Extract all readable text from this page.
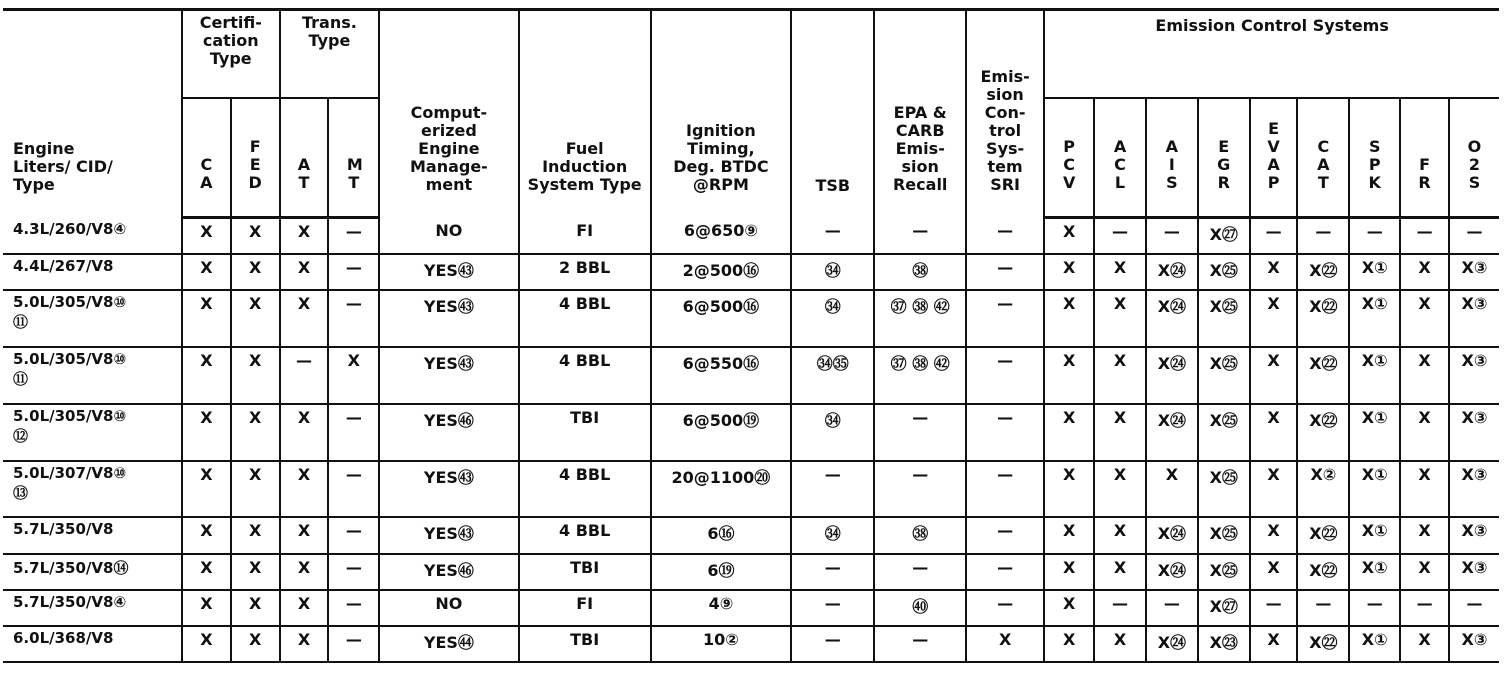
Engine Liters/ CID/ Type	Certifi- cation Type		Trans. Type		Comput- erized Engine Manage- ment	Fuel Induction System Type	Ignition Timing, Deg. BTDC @RPM	TSB	EPA & CARB Emis- sion Recall	Emis- sion Con- trol Sys- tem SRI	Emission Control Systems								

	C A	F E D	A T	M T							P C V	A C L	A I S	E G R	E V A P	C A T	S P K	F R	O 2 S

4.3L/260/V8④	X	X	X	—	NO	FI	6@650⑨	—	—	—	X	—	—	X㉗	—	—	—	—	—

4.4L/267/V8	X	X	X	—	YES㊸	2 BBL	2@500⑯	㉞	㊳	—	X	X	X㉔	X㉕	X	X㉒	X①	X	X③

5.0L/305/V8⑩
⑪	X	X	X	—	YES㊸	4 BBL	6@500⑯	㉞	㊲ ㊳ ㊷	—	X	X	X㉔	X㉕	X	X㉒	X①	X	X③

5.0L/305/V8⑩
⑪	X	X	—	X	YES㊸	4 BBL	6@550⑯	㉞㉟	㊲ ㊳ ㊷	—	X	X	X㉔	X㉕	X	X㉒	X①	X	X③

5.0L/305/V8⑩
⑫	X	X	X	—	YES㊻	TBI	6@500⑲	㉞	—	—	X	X	X㉔	X㉕	X	X㉒	X①	X	X③

5.0L/307/V8⑩
⑬	X	X	X	—	YES㊸	4 BBL	20@1100⑳	—	—	—	X	X	X	X㉕	X	X②	X①	X	X③

5.7L/350/V8	X	X	X	—	YES㊸	4 BBL	6⑯	㉞	㊳	—	X	X	X㉔	X㉕	X	X㉒	X①	X	X③

5.7L/350/V8⑭	X	X	X	—	YES㊻	TBI	6⑲	—	—	—	X	X	X㉔	X㉕	X	X㉒	X①	X	X③

5.7L/350/V8④	X	X	X	—	NO	FI	4⑨	—	㊵	—	X	—	—	X㉗	—	—	—	—	—

6.0L/368/V8	X	X	X	—	YES㊹	TBI	10②	—	—	X	X	X	X㉔	X㉓	X	X㉒	X①	X	X③
